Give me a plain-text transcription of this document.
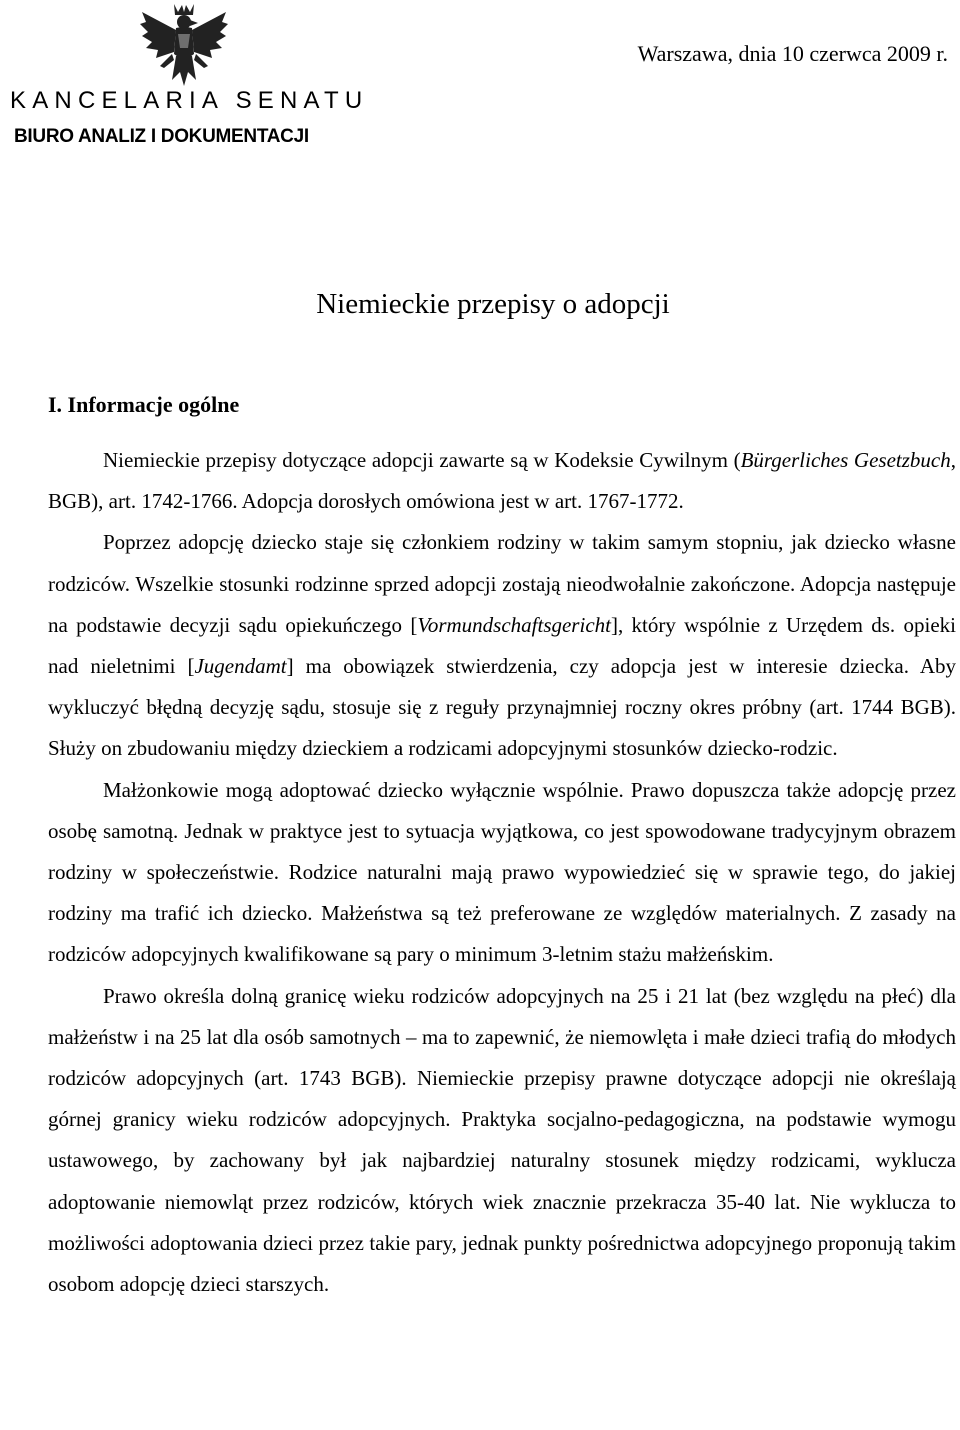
KANCELARIA SENATU
BIURO ANALIZ I DOKUMENTACJI
Warszawa, dnia 10 czerwca 2009 r.
Niemieckie przepisy o adopcji
I. Informacje ogólne

Niemieckie przepisy dotyczące adopcji zawarte są w Kodeksie Cywilnym (Bürgerliches Gesetzbuch, BGB), art. 1742-1766. Adopcja dorosłych omówiona jest w art. 1767-1772.

Poprzez adopcję dziecko staje się członkiem rodziny w takim samym stopniu, jak dziecko własne rodziców. Wszelkie stosunki rodzinne sprzed adopcji zostają nieodwołalnie zakończone. Adopcja następuje na podstawie decyzji sądu opiekuńczego [Vormundschaftsgericht], który wspólnie z Urzędem ds. opieki nad nieletnimi [Jugendamt] ma obowiązek stwierdzenia, czy adopcja jest w interesie dziecka. Aby wykluczyć błędną decyzję sądu, stosuje się z reguły przynajmniej roczny okres próbny (art. 1744 BGB). Służy on zbudowaniu między dzieckiem a rodzicami adopcyjnymi stosunków dziecko-rodzic.

Małżonkowie mogą adoptować dziecko wyłącznie wspólnie. Prawo dopuszcza także adopcję przez osobę samotną. Jednak w praktyce jest to sytuacja wyjątkowa, co jest spowodowane tradycyjnym obrazem rodziny w społeczeństwie. Rodzice naturalni mają prawo wypowiedzieć się w sprawie tego, do jakiej rodziny ma trafić ich dziecko. Małżeństwa są też preferowane ze względów materialnych. Z zasady na rodziców adopcyjnych kwalifikowane są pary o minimum 3-letnim stażu małżeńskim.

Prawo określa dolną granicę wieku rodziców adopcyjnych na 25 i 21 lat (bez względu na płeć) dla małżeństw i na 25 lat dla osób samotnych – ma to zapewnić, że niemowlęta i małe dzieci trafią do młodych rodziców adopcyjnych (art. 1743 BGB). Niemieckie przepisy prawne dotyczące adopcji nie określają górnej granicy wieku rodziców adopcyjnych. Praktyka socjalno-pedagogiczna, na podstawie wymogu ustawowego, by zachowany był jak najbardziej naturalny stosunek między rodzicami, wyklucza adoptowanie niemowląt przez rodziców, których wiek znacznie przekracza 35-40 lat. Nie wyklucza to możliwości adoptowania dzieci przez takie pary, jednak punkty pośrednictwa adopcyjnego proponują takim osobom adopcję dzieci starszych.
